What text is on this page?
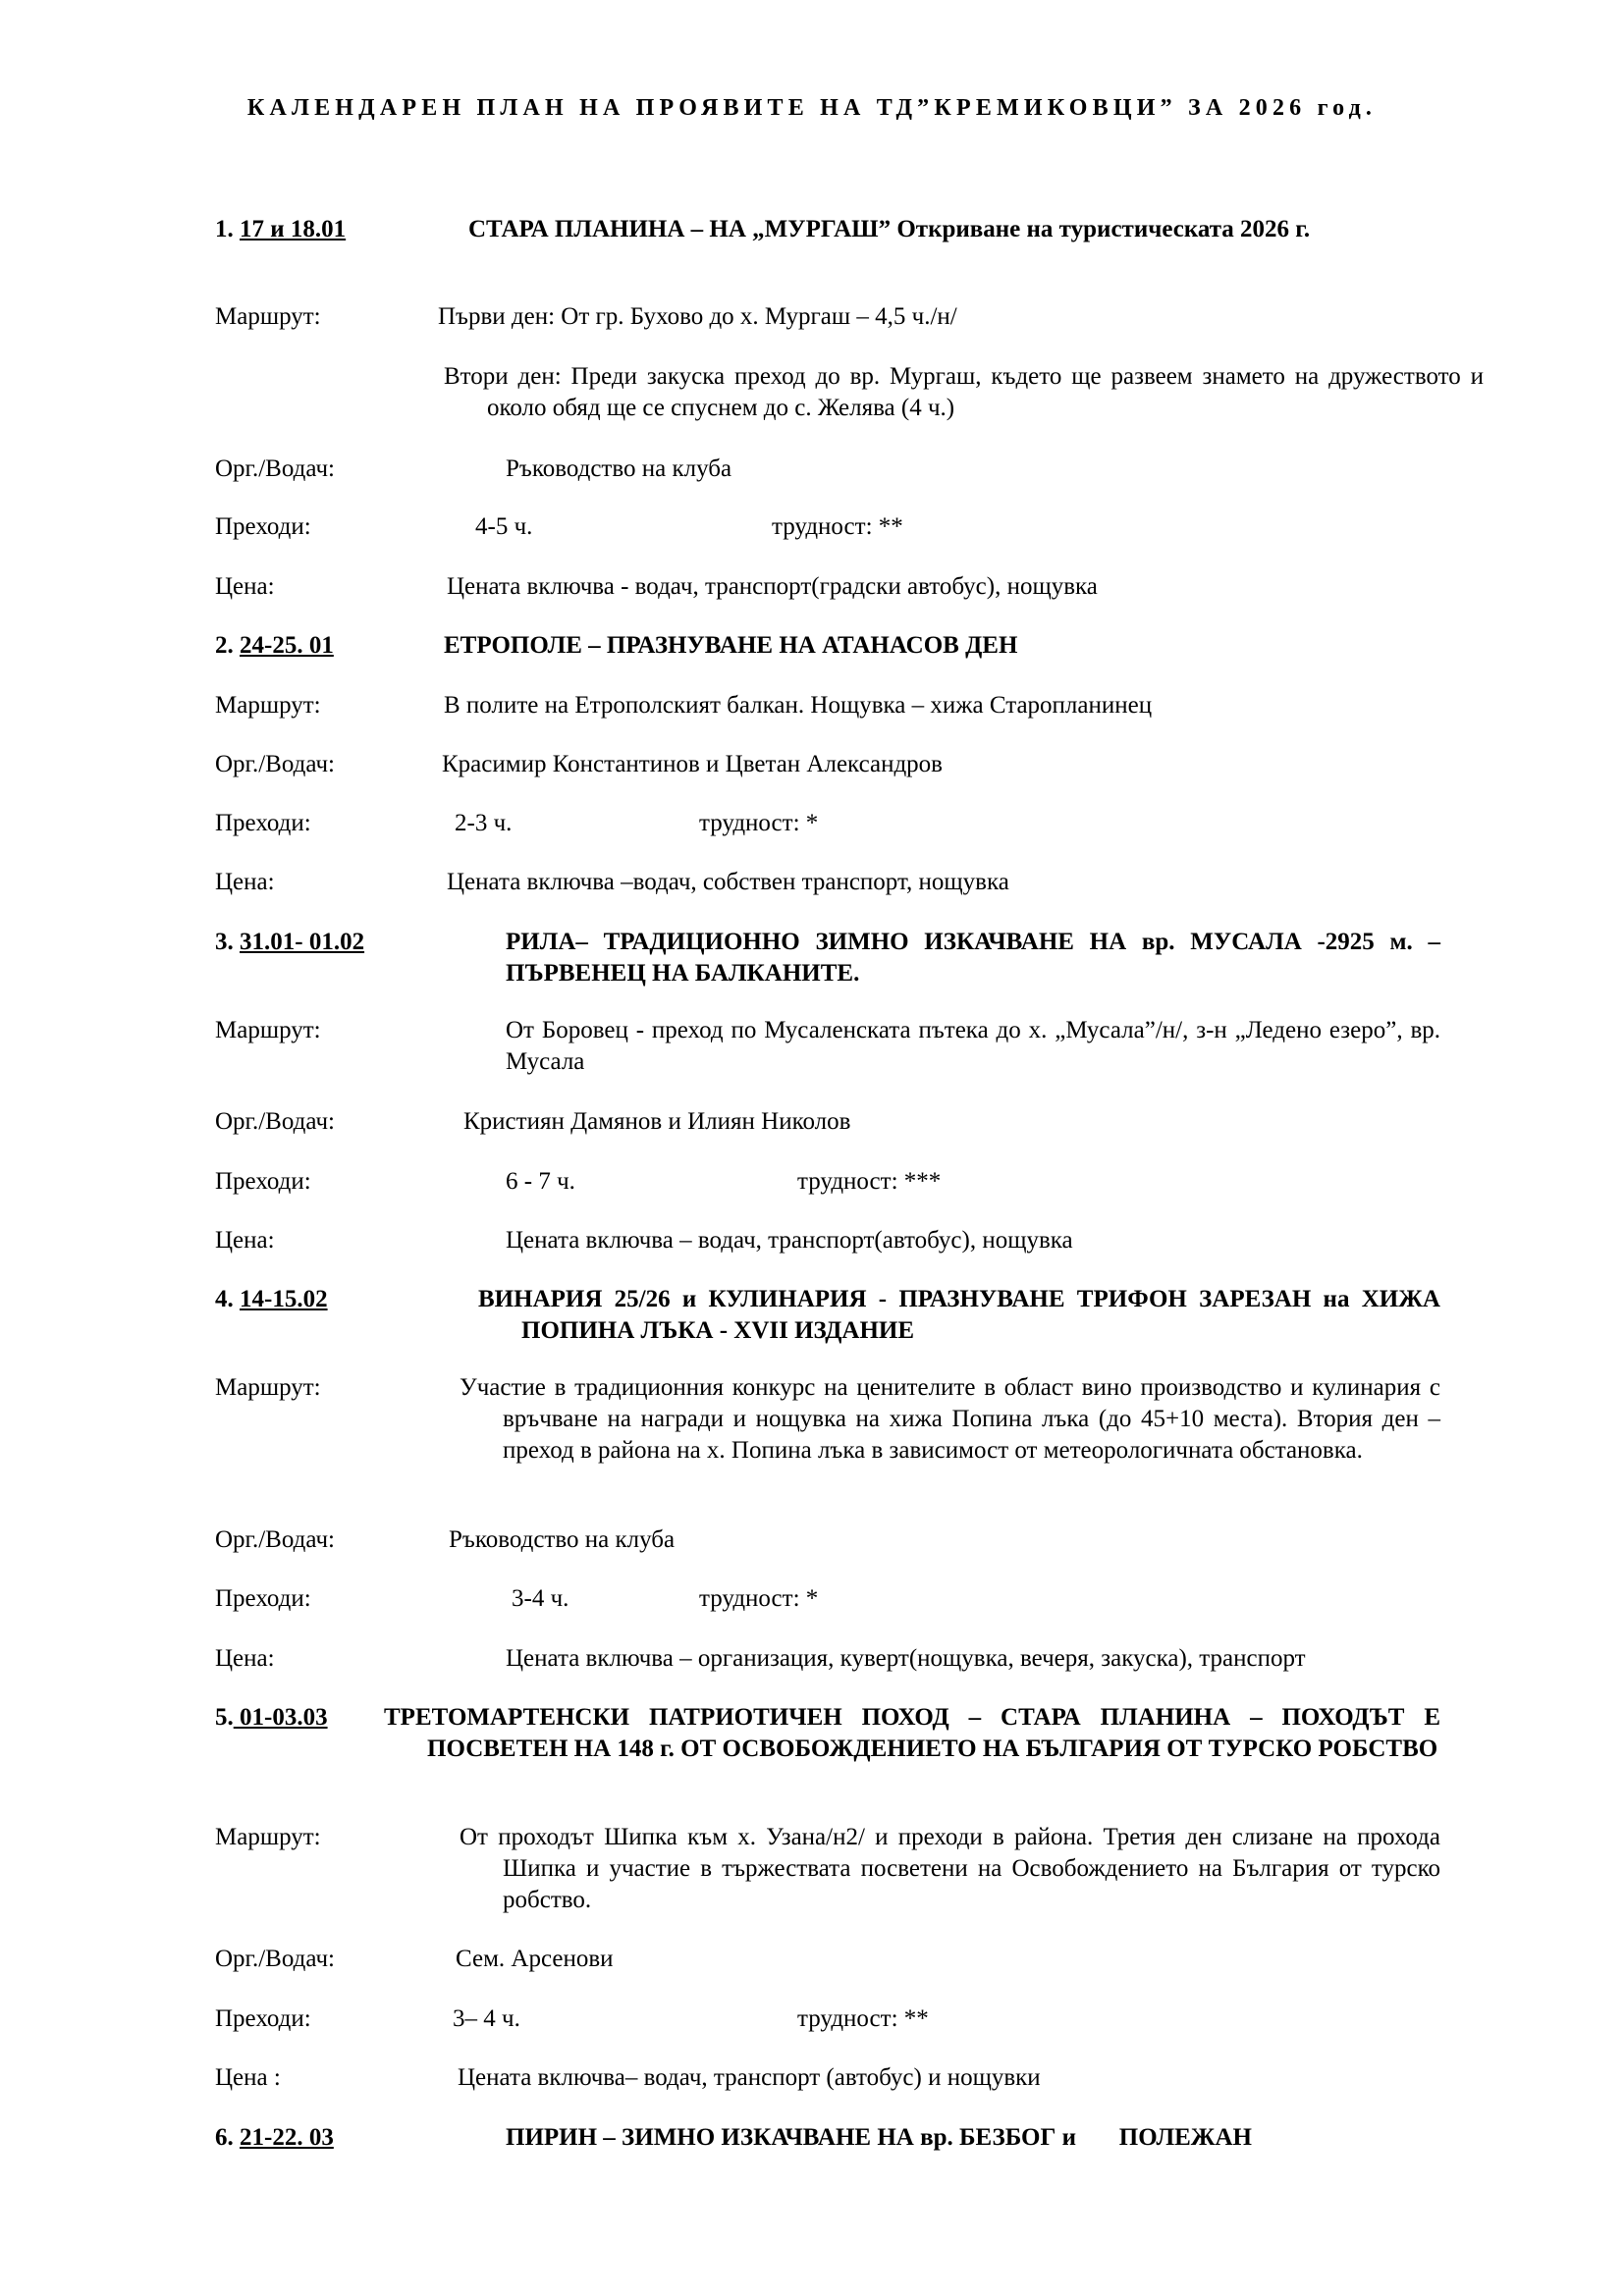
КАЛЕНДАРЕН ПЛАН НА ПРОЯВИТЕ НА ТД”КРЕМИКОВЦИ” ЗА 2026 год.
1. 17 и 18.01	СТАРА ПЛАНИНА – НА „МУРГАШ” Откриване на туристическата 2026 г.
Маршрут:	Първи ден: От гр. Бухово до х. Мургаш – 4,5 ч./н/
Втори ден: Преди закуска преход до вр. Мургаш, където ще развеем знамето на дружеството и около обяд ще се спуснем до с. Желява (4 ч.)
Орг./Водач:	Ръководство на клуба
Преходи:	4-5 ч.	трудност: **
Цена:	Цената включва - водач, транспорт(градски автобус), нощувка
2. 24-25. 01	ЕТРОПОЛЕ – ПРАЗНУВАНЕ НА АТАНАСОВ ДЕН
Маршрут:	В полите на Етрополският балкан. Нощувка – хижа Старопланинец
Орг./Водач:	Красимир Константинов и Цветан Александров
Преходи:	2-3 ч.	трудност: *
Цена:	Цената включва –водач, собствен транспорт, нощувка
3. 31.01- 01.02	РИЛА– ТРАДИЦИОННО ЗИМНО ИЗКАЧВАНЕ НА вр. МУСАЛА -2925 м. – ПЪРВЕНЕЦ НА БАЛКАНИТЕ.
Маршрут:	От Боровец - преход по Мусаленската пътека до х. „Мусала”/н/, з-н „Ледено езеро”, вр. Мусала
Орг./Водач:	Кристиян Дамянов и Илиян Николов
Преходи:	6 - 7 ч.	трудност: ***
Цена:	Цената включва – водач, транспорт(автобус), нощувка
4. 14-15.02	ВИНАРИЯ 25/26 и КУЛИНАРИЯ - ПРАЗНУВАНЕ ТРИФОН ЗАРЕЗАН на ХИЖА ПОПИНА ЛЪКА - XVII ИЗДАНИЕ
Маршрут:	Участие в традиционния конкурс на ценителите в област вино производство и кулинария с връчване на награди и нощувка на хижа Попина лъка (до 45+10 места). Втория ден –преход в района на х. Попина лъка в зависимост от метеорологичната обстановка.
Орг./Водач:	Ръководство на клуба
Преходи:	3-4 ч.	трудност: *
Цена:	Цената включва – организация, куверт(нощувка, вечеря, закуска), транспорт
5. 01-03.03 ТРЕТОМАРТЕНСКИ ПАТРИОТИЧЕН ПОХОД – СТАРА ПЛАНИНА – ПОХОДЪТ Е ПОСВЕТЕН НА 148 г. ОТ ОСВОБОЖДЕНИЕТО НА БЪЛГАРИЯ ОТ ТУРСКО РОБСТВО
Маршрут:	От проходът Шипка към х. Узана/н2/ и преходи в района. Третия ден слизане на прохода Шипка и участие в тържествата посветени на Освобождението на България от турско робство.
Орг./Водач:	Сем. Арсенови
Преходи:	3– 4 ч.	трудност: **
Цена :	Цената включва– водач, транспорт (автобус) и нощувки
6. 21-22. 03	ПИРИН – ЗИМНО ИЗКАЧВАНЕ НА вр. БЕЗБОГ и       ПОЛЕЖАН
